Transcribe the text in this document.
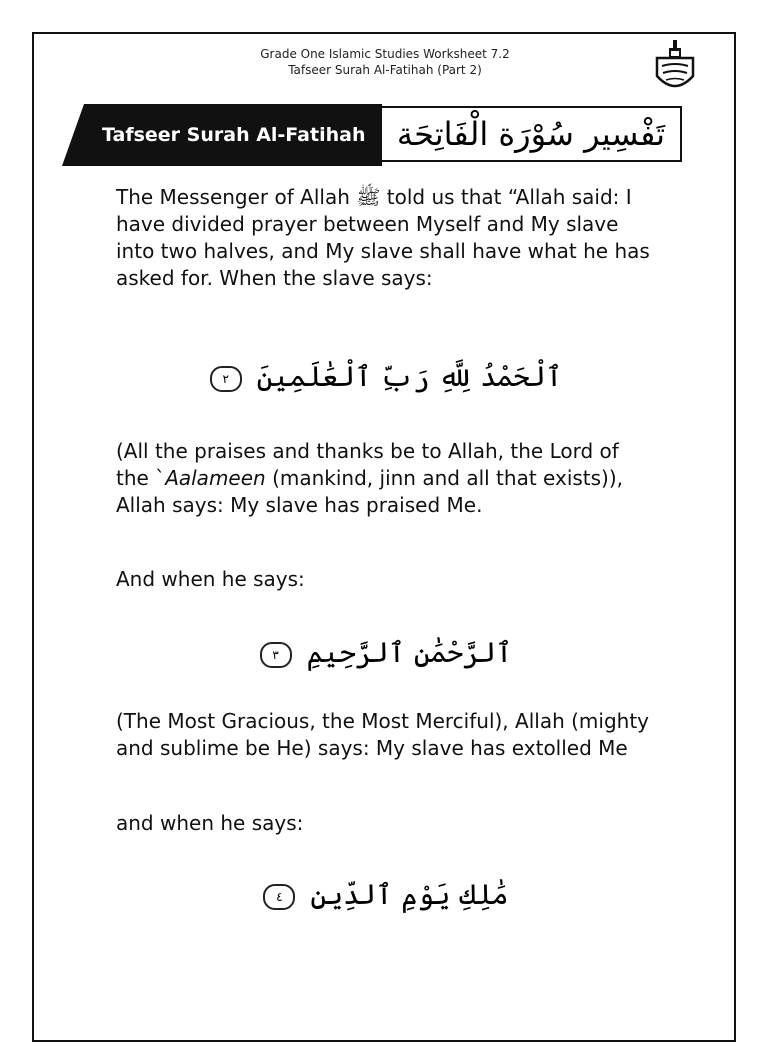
Grade One Islamic Studies Worksheet 7.2
Tafseer Surah Al-Fatihah (Part 2)
Tafseer Surah Al-Fatihah تَفْسِير سُوْرَة الْفَاتِحَة

The Messenger of Allah ﷺ told us that “Allah said: I have divided prayer between Myself and My slave into two halves, and My slave shall have what he has asked for. When the slave says:

ٱلْحَمْدُ لِلَّهِ رَبِّ ٱلْعَٰلَمِينَ ٢

(All the praises and thanks be to Allah, the Lord of the `Aalameen (mankind, jinn and all that exists)), Allah says: My slave has praised Me.

And when he says:

ٱلرَّحْمَٰنِ ٱلرَّحِيمِ ٣

(The Most Gracious, the Most Merciful), Allah (mighty and sublime be He) says: My slave has extolled Me

and when he says:

مَٰلِكِ يَوْمِ ٱلدِّينِ ٤
